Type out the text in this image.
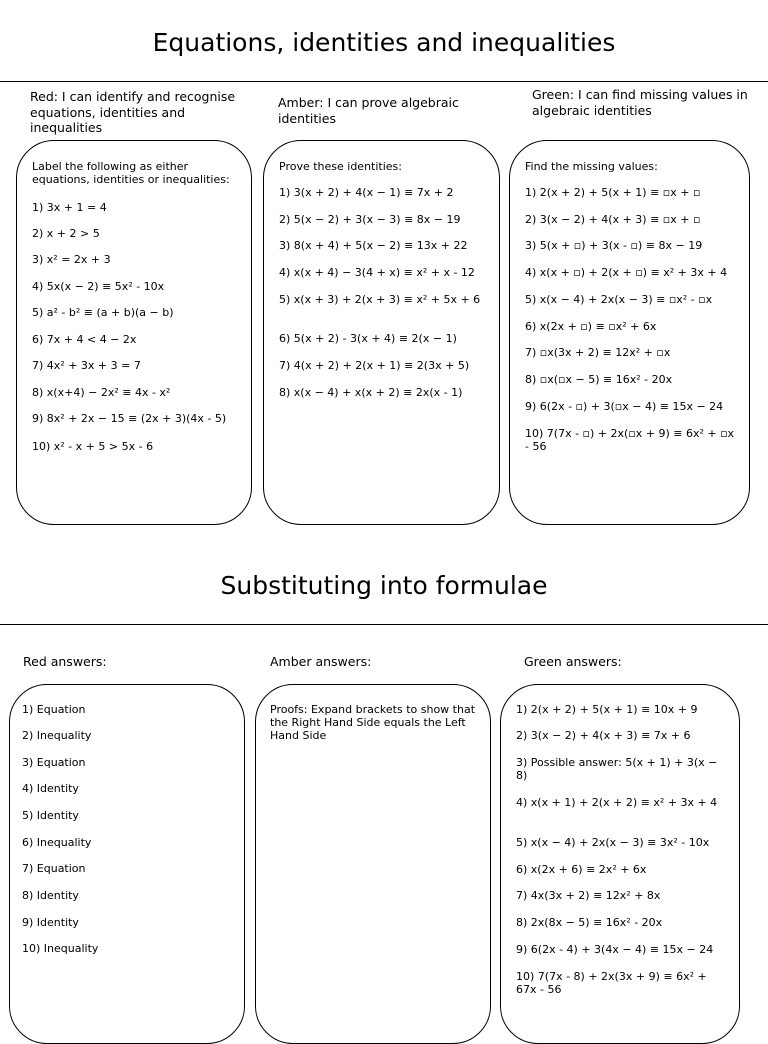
Equations, identities and inequalities

Red: I can identify and recognise equations, identities and inequalities

Amber: I can prove algebraic identities

Green: I can find missing values in algebraic identities

Label the following as either equations, identities or inequalities:

1) 3x + 1 = 4

2) x + 2 > 5

3) x² = 2x + 3

4) 5x(x − 2) ≡ 5x² - 10x

5) a² - b² ≡ (a + b)(a − b)

6) 7x + 4 < 4 − 2x

7) 4x² + 3x + 3 = 7

8) x(x+4) − 2x² ≡ 4x - x²

9) 8x² + 2x − 15 ≡ (2x + 3)(4x - 5)

10) x² - x + 5 > 5x - 6

Prove these identities:

1) 3(x + 2) + 4(x − 1) ≡ 7x + 2

2) 5(x − 2) + 3(x − 3) ≡ 8x − 19

3) 8(x + 4) + 5(x − 2) ≡ 13x + 22

4) x(x + 4) − 3(4 + x) ≡ x² + x - 12

5) x(x + 3) + 2(x + 3) ≡ x² + 5x + 6

6) 5(x + 2) - 3(x + 4) ≡ 2(x − 1)

7) 4(x + 2) + 2(x + 1) ≡ 2(3x + 5)

8) x(x − 4) + x(x + 2) ≡ 2x(x - 1)

Find the missing values:

1) 2(x + 2) + 5(x + 1) ≡ ▫x + ▫

2) 3(x − 2) + 4(x + 3) ≡ ▫x + ▫

3) 5(x + ▫) + 3(x - ▫) ≡ 8x − 19

4) x(x + ▫) + 2(x + ▫) ≡ x² + 3x + 4

5) x(x − 4) + 2x(x − 3) ≡ ▫x² - ▫x

6) x(2x + ▫) ≡ ▫x² + 6x

7) ▫x(3x + 2) ≡ 12x² + ▫x

8) ▫x(▫x − 5) ≡ 16x² - 20x

9) 6(2x - ▫) + 3(▫x − 4) ≡ 15x − 24

10) 7(7x - ▫) + 2x(▫x + 9) ≡ 6x² + ▫x - 56

Substituting into formulae

Red answers:	Amber answers:	Green answers:

1) Equation

2) Inequality

3) Equation

4) Identity

5) Identity

6) Inequality

7) Equation

8) Identity

9) Identity

10) Inequality

Proofs: Expand brackets to show that the Right Hand Side equals the Left Hand Side

1) 2(x + 2) + 5(x + 1) ≡ 10x + 9

2) 3(x − 2) + 4(x + 3) ≡ 7x + 6

3) Possible answer: 5(x + 1) + 3(x − 8)

4) x(x + 1) + 2(x + 2) ≡ x² + 3x + 4

5) x(x − 4) + 2x(x − 3) ≡ 3x² - 10x

6) x(2x + 6) ≡ 2x² + 6x

7) 4x(3x + 2) ≡ 12x² + 8x

8) 2x(8x − 5) ≡ 16x² - 20x

9) 6(2x - 4) + 3(4x − 4) ≡ 15x − 24

10) 7(7x - 8) + 2x(3x + 9) ≡ 6x² + 67x - 56
